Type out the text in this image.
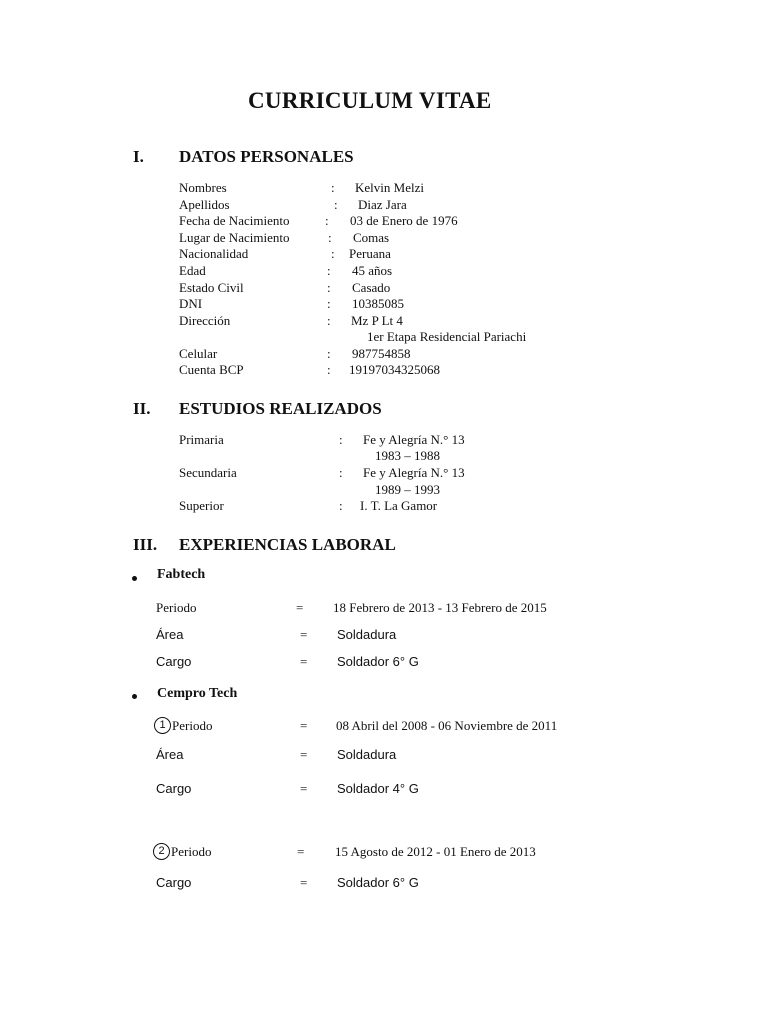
CURRICULUM VITAE
I. DATOS PERSONALES
Nombres	: Kelvin Melzi
Apellidos	: Diaz Jara
Fecha de Nacimiento	: 03 de Enero de 1976
Lugar de Nacimiento	: Comas
Nacionalidad	: Peruana
Edad	: 45 años
Estado Civil	: Casado
DNI	: 10385085
Dirección	: Mz P Lt 4
1er Etapa Residencial Pariachi
Celular	: 987754858
Cuenta BCP	: 19197034325068
II. ESTUDIOS REALIZADOS
Primaria	: Fe y Alegría N.° 13
1983 – 1988
Secundaria	: Fe y Alegría N.° 13
1989 – 1993
Superior	: I. T. La Gamor
III. EXPERIENCIAS LABORAL
Fabtech
Periodo	= 18 Febrero de 2013 - 13 Febrero de 2015
Área	= Soldadura
Cargo	= Soldador 6° G
Cempro Tech
1 Periodo	= 08 Abril del 2008 - 06 Noviembre de 2011
Área	= Soldadura
Cargo	= Soldador 4° G
2 Periodo	= 15 Agosto de 2012 - 01 Enero de 2013
Cargo	= Soldador 6° G
